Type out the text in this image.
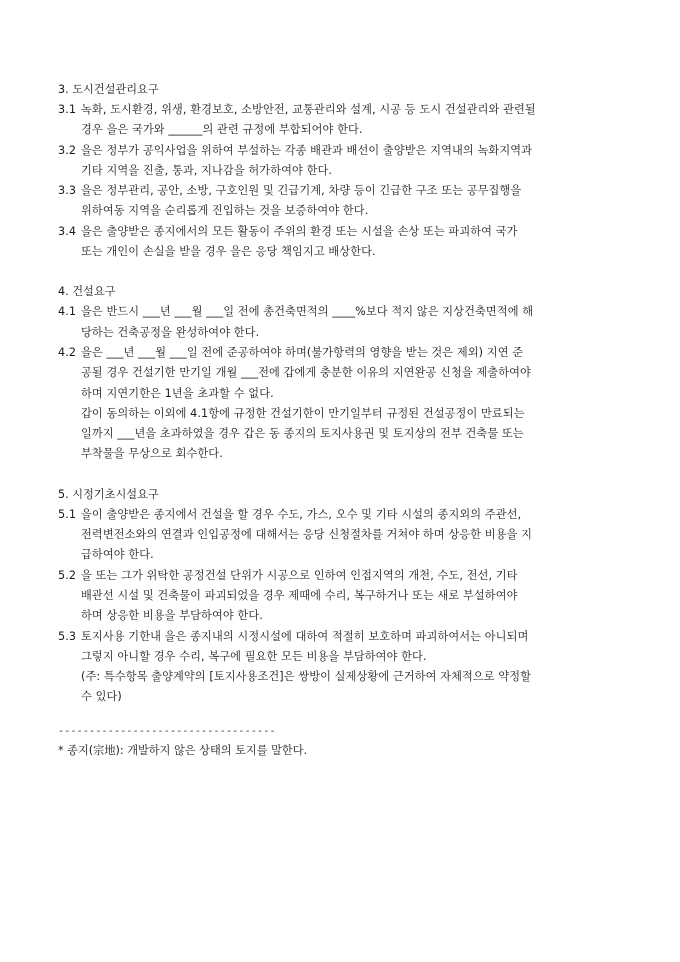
3. 도시건설관리요구
3.1 녹화, 도시환경, 위생, 환경보호, 소방안전, 교통관리와 설계, 시공 등 도시 건설관리와 관련될
경우 을은 국가와 ______의 관련 규정에 부합되어야 한다.
3.2 을은 정부가 공익사업을 위하여 부설하는 각종 배관과 배선이 출양받은 지역내의 녹화지역과
기타 지역을 진출, 통과, 지나감을 허가하여야 한다.
3.3 을은 정부관리, 공안, 소방, 구호인원 및 긴급기계, 차량 등이 긴급한 구조 또는 공무집행을
위하여동 지역을 순리롭게 진입하는 것을 보증하여야 한다.
3.4 을은 출양받은 종지에서의 모든 활동이 주위의 환경 또는 시설을 손상 또는 파괴하여 국가
또는 개인이 손실을 받을 경우 을은 응당 책임지고 배상한다.
4. 건설요구
4.1 을은 반드시 ___년 ___월 ___일 전에 총건축면적의 ____%보다 적지 않은 지상건축면적에 해
당하는 건축공정을 완성하여야 한다.
4.2 을은 ___년 ___월 ___일 전에 준공하여야 하며(불가항력의 영향을 받는 것은 제외) 지연 준
공될 경우 건설기한 만기일 개월 ___전에 갑에게 충분한 이유의 지연완공 신청을 제출하여야
하며 지연기한은 1년을 초과할 수 없다.
갑이 동의하는 이외에 4.1항에 규정한 건설기한이 만기일부터 규정된 건설공정이 만료되는
일까지 ___년을 초과하였을 경우 갑은 동 종지의 토지사용권 및 토지상의 전부 건축물 또는
부착물을 무상으로 회수한다.
5. 시정기초시설요구
5.1 을이 출양받은 종지에서 건설을 할 경우 수도, 가스, 오수 및 기타 시설의 종지외의 주관선,
전력변전소와의 연결과 인입공정에 대해서는 응당 신청절차를 거쳐야 하며 상응한 비용을 지
급하여야 한다.
5.2 을 또는 그가 위탁한 공정건설 단위가 시공으로 인하여 인접지역의 개천, 수도, 전선, 기타
배관선 시설 및 건축물이 파괴되었을 경우 제때에 수리, 복구하거나 또는 새로 부설하여야
하며 상응한 비용을 부담하여야 한다.
5.3 토지사용 기한내 을은 종지내의 시정시설에 대하여 적절히 보호하며 파괴하여서는 아니되며
그렇지 아니할 경우 수리, 복구에 필요한 모든 비용을 부담하여야 한다.
(주: 특수항목 출양계약의 [토지사용조건]은 쌍방이 실제상황에 근거하여 자체적으로 약정할
수 있다)
-----------------------------------
* 종지(宗地): 개발하지 않은 상태의 토지를 말한다.
